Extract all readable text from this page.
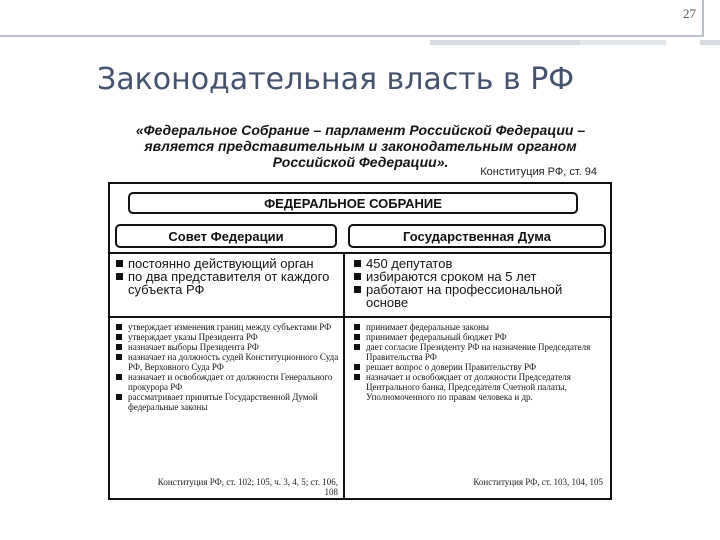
27
Законодательная власть в РФ

«Федеральное Собрание – парламент Российской Федерации – является представительным и законодательным органом Российской Федерации».

Конституция РФ, ст. 94
ФЕДЕРАЛЬНОЕ СОБРАНИЕ
Совет Федерации	Государственная Дума
постоянно действующий орган
по два представителя от каждого субъекта РФ
450 депутатов
избираются сроком на 5 лет
работают на профессиональной основе
утверждает изменения границ между субъектами РФ
утверждает указы Президента РФ
назначает выборы Президента РФ
назначает на должность судей Конституционного Суда РФ, Верховного Суда РФ
назначает и освобождает от должности Генерального прокурора РФ
рассматривает принятые Государственной Думой федеральные законы
принимает федеральные законы
принимает федеральный бюджет РФ
дает согласие Президенту РФ на назначение Председателя Правительства РФ
решает вопрос о доверии Правительству РФ
назначает и освобождает от должности Председателя Центрального банка, Председателя Счетной палаты, Уполномоченного по правам человека и др.
Конституция РФ, ст. 102; 105, ч. 3, 4, 5; ст. 106, 108
Конституция РФ, ст. 103, 104, 105
